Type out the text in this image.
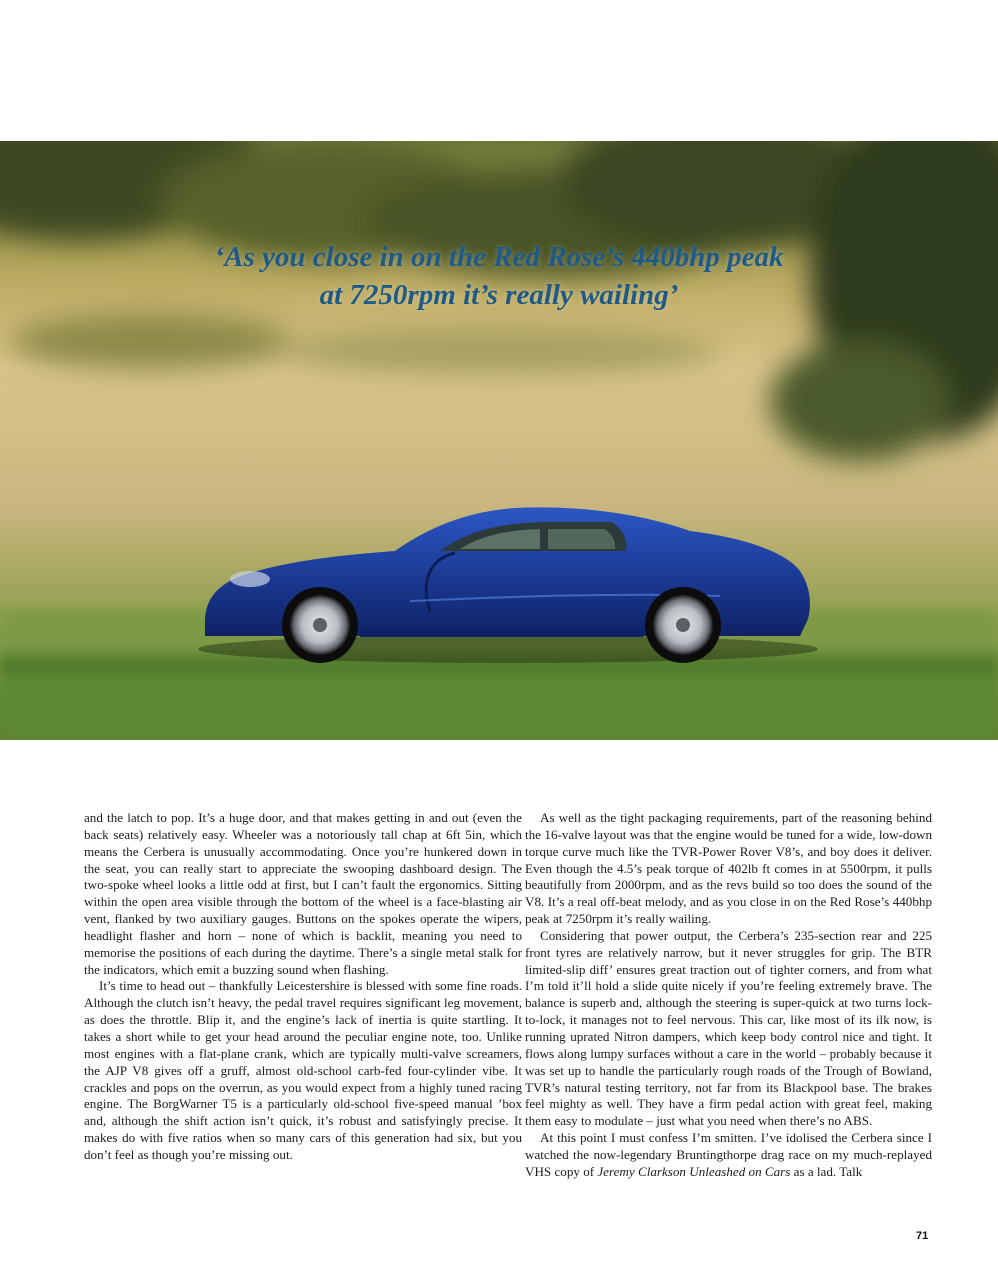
‘As you close in on the Red Rose’s 440bhp peak
at 7250rpm it’s really wailing’

and the latch to pop. It’s a huge door, and that makes getting in and out (even the back seats) relatively easy. Wheeler was a notoriously tall chap at 6ft 5in, which means the Cerbera is unusually accommodating. Once you’re hunkered down in the seat, you can really start to appreciate the swooping dashboard design. The two-spoke wheel looks a little odd at first, but I can’t fault the ergonomics. Sitting within the open area visible through the bottom of the wheel is a face-blasting air vent, flanked by two auxiliary gauges. Buttons on the spokes operate the wipers, headlight flasher and horn – none of which is backlit, meaning you need to memorise the positions of each during the daytime. There’s a single metal stalk for the indicators, which emit a buzzing sound when flashing.

It’s time to head out – thankfully Leicestershire is blessed with some fine roads. Although the clutch isn’t heavy, the pedal travel requires significant leg movement, as does the throttle. Blip it, and the engine’s lack of inertia is quite startling. It takes a short while to get your head around the peculiar engine note, too. Unlike most engines with a flat-plane crank, which are typically multi-valve screamers, the AJP V8 gives off a gruff, almost old-school carb-fed four-cylinder vibe. It crackles and pops on the overrun, as you would expect from a highly tuned racing engine. The BorgWarner T5 is a particularly old-school five-speed manual ’box and, although the shift action isn’t quick, it’s robust and satisfyingly precise. It makes do with five ratios when so many cars of this generation had six, but you don’t feel as though you’re missing out.

As well as the tight packaging requirements, part of the reasoning behind the 16-valve layout was that the engine would be tuned for a wide, low-down torque curve much like the TVR-Power Rover V8’s, and boy does it deliver. Even though the 4.5’s peak torque of 402lb ft comes in at 5500rpm, it pulls beautifully from 2000rpm, and as the revs build so too does the sound of the V8. It’s a real off-beat melody, and as you close in on the Red Rose’s 440bhp peak at 7250rpm it’s really wailing.

Considering that power output, the Cerbera’s 235-section rear and 225 front tyres are relatively narrow, but it never struggles for grip. The BTR limited-slip diff’ ensures great traction out of tighter corners, and from what I’m told it’ll hold a slide quite nicely if you’re feeling extremely brave. The balance is superb and, although the steering is super-quick at two turns lock-to-lock, it manages not to feel nervous. This car, like most of its ilk now, is running uprated Nitron dampers, which keep body control nice and tight. It flows along lumpy surfaces without a care in the world – probably because it was set up to handle the particularly rough roads of the Trough of Bowland, TVR’s natural testing territory, not far from its Blackpool base. The brakes feel mighty as well. They have a firm pedal action with great feel, making them easy to modulate – just what you need when there’s no ABS.

At this point I must confess I’m smitten. I’ve idolised the Cerbera since I watched the now-legendary Bruntingthorpe drag race on my much-replayed VHS copy of Jeremy Clarkson Unleashed on Cars as a lad. Talk

71
